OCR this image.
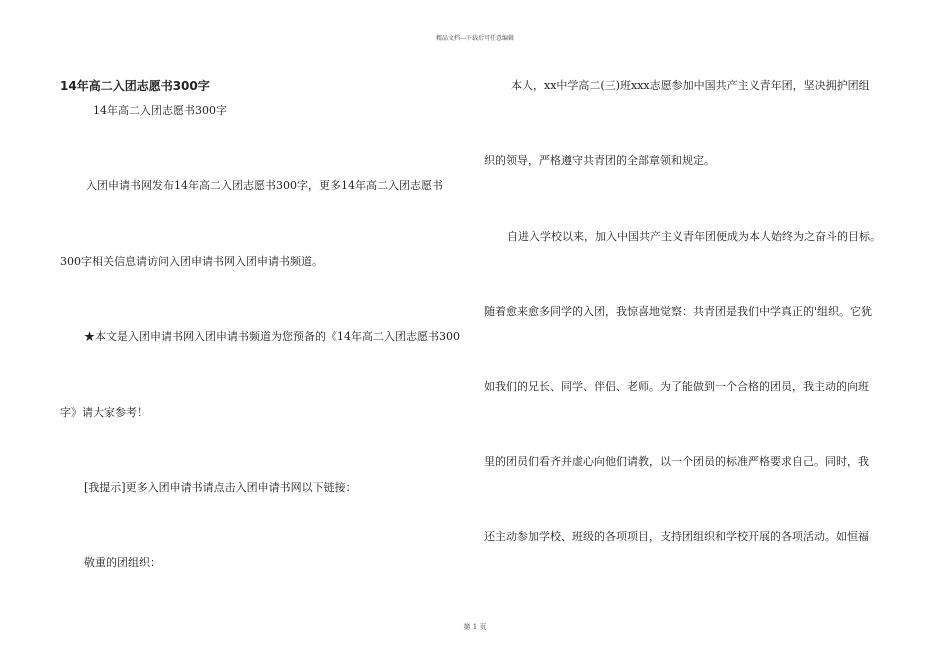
精品文档---下载后可任意编辑
14年高二入团志愿书300字
14年高二入团志愿书300字
入团申请书网发布14年高二入团志愿书300字，更多14年高二入团志愿书
300字相关信息请访问入团申请书网入团申请书频道。
★本文是入团申请书网入团申请书频道为您预备的《14年高二入团志愿书300
字》请大家参考！
[我提示]更多入团申请书请点击入团申请书网以下链接：
敬重的团组织：
本人，xx中学高二(三)班xxx志愿参加中国共产主义青年团，坚决拥护团组
织的领导，严格遵守共青团的全部章领和规定。
自进入学校以来，加入中国共产主义青年团便成为本人始终为之奋斗的目标。
随着愈来愈多同学的入团，我惊喜地觉察：共青团是我们中学真正的'组织。它犹
如我们的兄长、同学、伴侣、老师。为了能做到一个合格的团员，我主动的向班
里的团员们看齐并虚心向他们请教，以一个团员的标准严格要求自己。同时，我
还主动参加学校、班级的各项项目，支持团组织和学校开展的各项活动。如恒福
第 1 页
